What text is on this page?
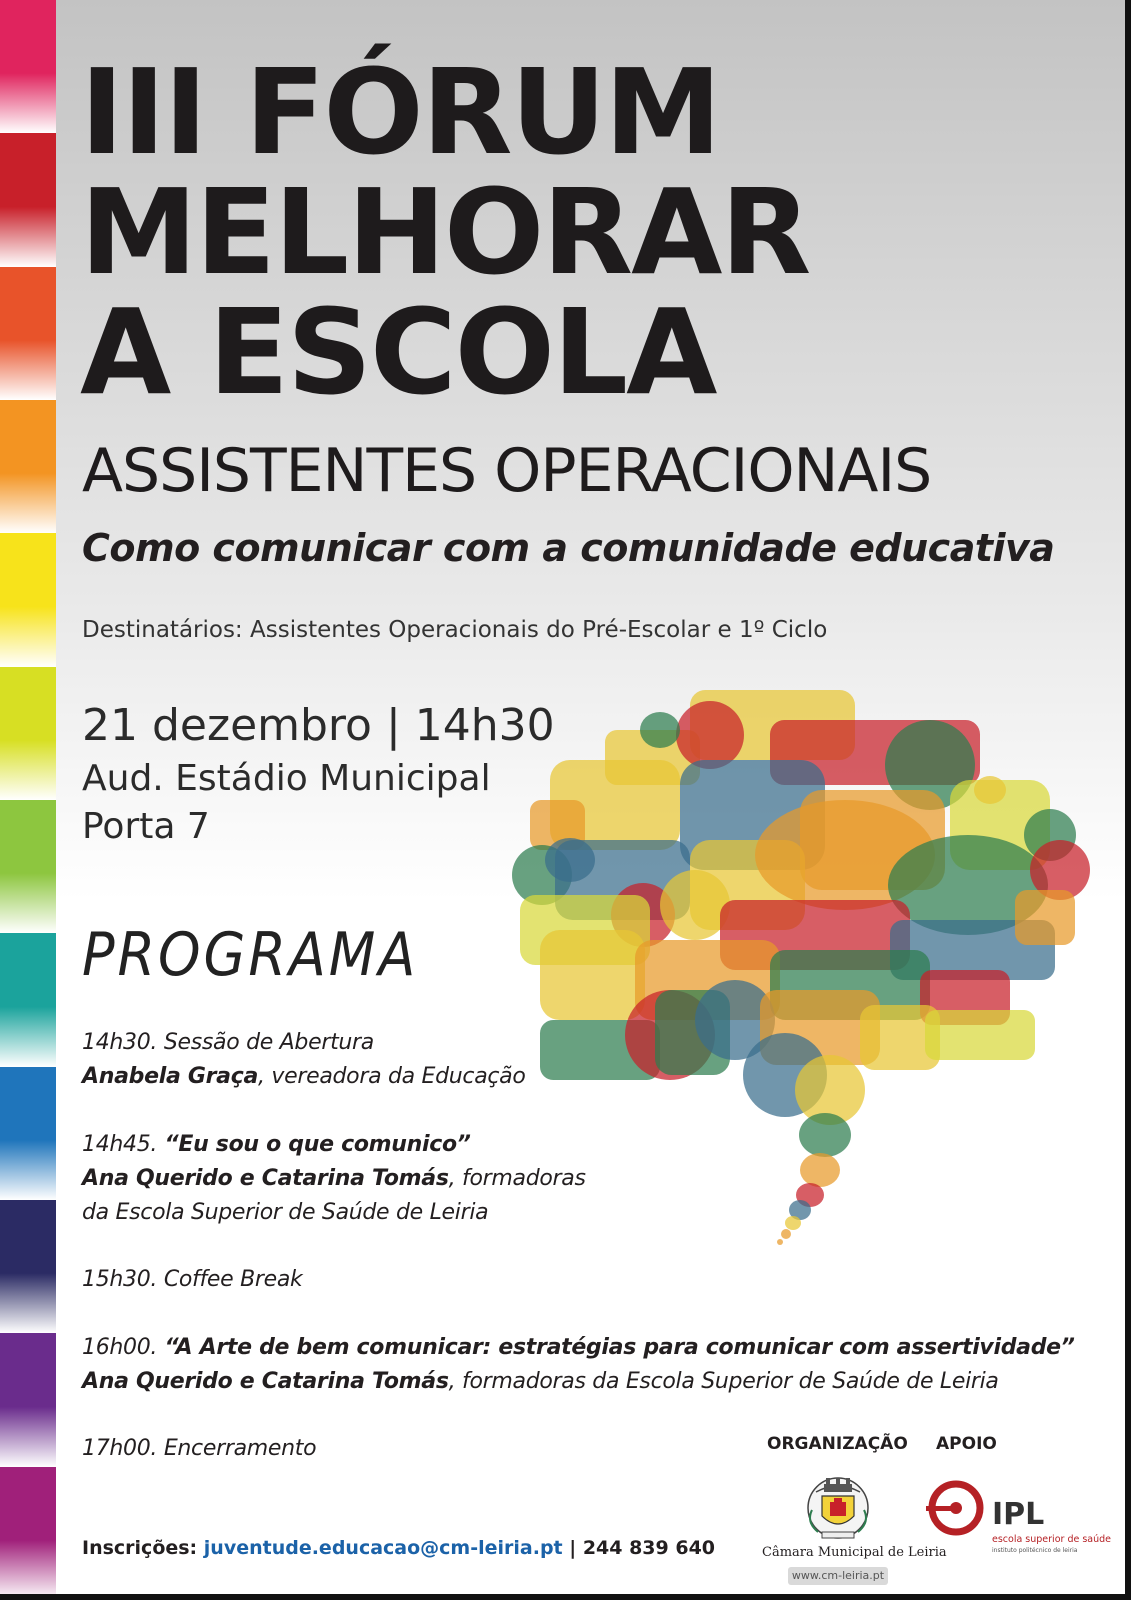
III FÓRUM
MELHORAR
A ESCOLA
ASSISTENTES OPERACIONAIS
Como comunicar com a comunidade educativa
Destinatários: Assistentes Operacionais do Pré-Escolar e 1º Ciclo
21 dezembro | 14h30
Aud. Estádio Municipal
Porta 7
PROGRAMA
14h30. Sessão de Abertura
Anabela Graça, vereadora da Educação
14h45. “Eu sou o que comunico”
Ana Querido e Catarina Tomás, formadoras
da Escola Superior de Saúde de Leiria
15h30. Coffee Break
16h00. “A Arte de bem comunicar: estratégias para comunicar com assertividade”
Ana Querido e Catarina Tomás, formadoras da Escola Superior de Saúde de Leiria
17h00. Encerramento
Inscrições: juventude.educacao@cm-leiria.pt | 244 839 640
ORGANIZAÇÃO APOIO
Câmara Municipal de Leiria
www.cm-leiria.pt
IPL
escola superior de saúde
instituto politécnico de leiria
